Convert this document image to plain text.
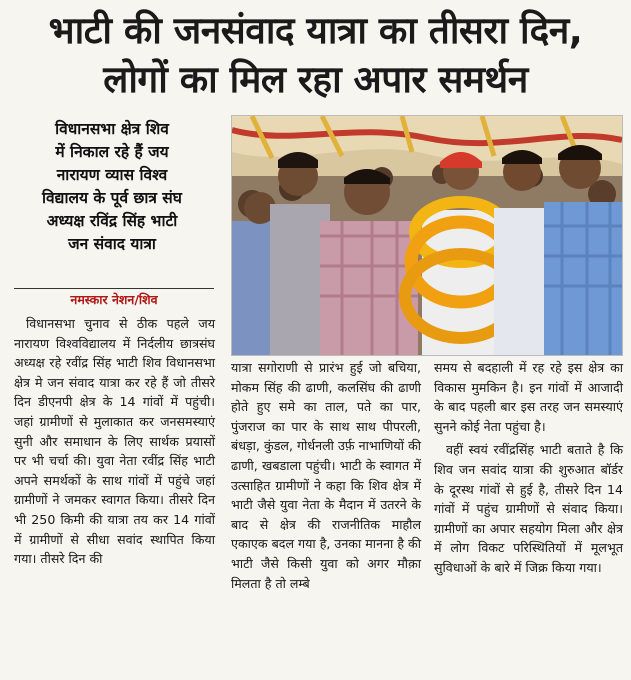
भाटी की जनसंवाद यात्रा का तीसरा दिन,
लोगों का मिल रहा अपार समर्थन
विधानसभा क्षेत्र शिव
में निकाल रहे हैं जय
नारायण व्यास विश्व
विद्यालय के पूर्व छात्र संघ
अध्यक्ष रविंद्र सिंह भाटी
जन संवाद यात्रा
नमस्कार नेशन/शिव

विधानसभा चुनाव से ठीक पहले जय नारायण विश्वविद्यालय में निर्दलीय छात्रसंघ अध्यक्ष रहे रवींद्र सिंह भाटी शिव विधानसभा क्षेत्र मे जन संवाद यात्रा कर रहे हैं जो तीसरे दिन डीएनपी क्षेत्र के 14 गांवों में पहुंची। जहां ग्रामीणों से मुलाकात कर जनसमस्याएं सुनी और समाधान के लिए सार्थक प्रयासों पर भी चर्चा की। युवा नेता रवींद्र सिंह भाटी अपने समर्थकों के साथ गांवों में पहुंचे जहां ग्रामीणों ने जमकर स्वागत किया। तीसरे दिन भी 250 किमी की यात्रा तय कर 14 गांवों में ग्रामीणों से सीधा सवांद स्थापित किया गया। तीसरे दिन की

यात्रा सगोराणी से प्रारंभ हुई जो बचिया, मोकम सिंह की ढाणी, कलसिंघ की ढाणी होते हुए समे का ताल, पते का पार, पुंजराज का पार के साथ साथ पीपरली, बंधड़ा, कुंडल, गोर्धनली उर्फ़ नाभाणियों की ढाणी, खबडाला पहुंची। भाटी के स्वागत में उत्साहित ग्रामीणों ने कहा कि शिव क्षेत्र में भाटी जैसे युवा नेता के मैदान में उतरने के बाद से क्षेत्र की राजनीतिक माहौल एकाएक बदल गया है, उनका मानना है की भाटी जैसे किसी युवा को अगर मौक़ा मिलता है तो लम्बे

समय से बदहाली में रह रहे इस क्षेत्र का विकास मुमकिन है। इन गांवों में आजादी के बाद पहली बार इस तरह जन समस्याएं सुनने कोई नेता पहुंचा है।

वहीं स्वयं रवींद्रसिंह भाटी बताते है कि शिव जन सवांद यात्रा की शुरुआत बॉर्डर के दूरस्थ गांवों से हुई है, तीसरे दिन 14 गांवों में पहुंच ग्रामीणों से संवाद किया। ग्रामीणों का अपार सहयोग मिला और क्षेत्र में लोग विकट परिस्थितियों में मूलभूत सुविधाओं के बारे में जिक्र किया गया।
